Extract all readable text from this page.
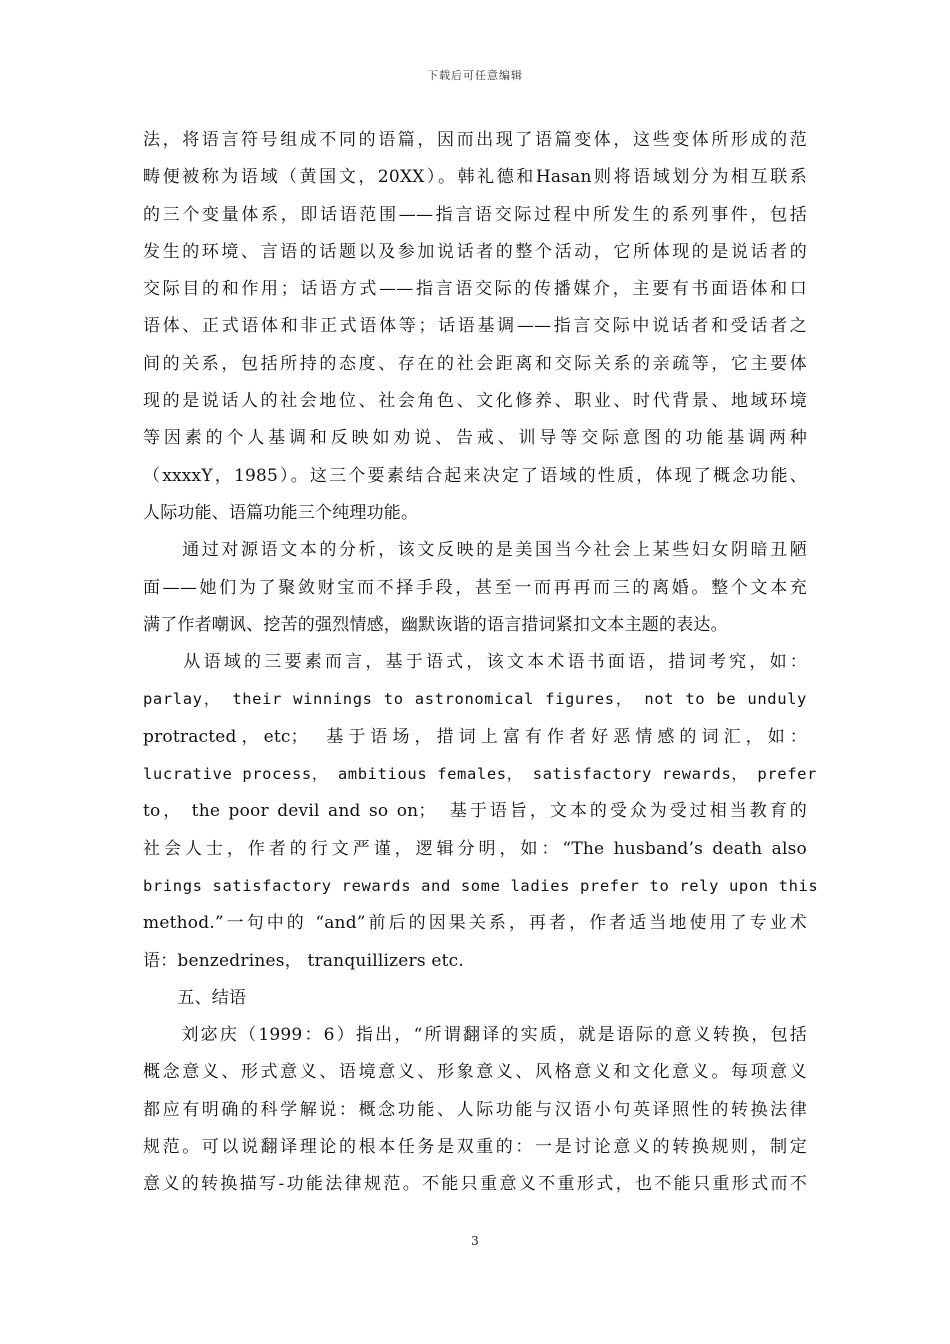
下载后可任意编辑
法，将语言符号组成不同的语篇，因而出现了语篇变体，这些变体所形成的范
畴便被称为语域（黄国文，20XX）。韩礼德和Hasan则将语域划分为相互联系
的三个变量体系，即话语范围——指言语交际过程中所发生的系列事件，包括
发生的环境、言语的话题以及参加说话者的整个活动，它所体现的是说话者的
交际目的和作用；话语方式——指言语交际的传播媒介，主要有书面语体和口
语体、正式语体和非正式语体等；话语基调——指言交际中说话者和受话者之
间的关系，包括所持的态度、存在的社会距离和交际关系的亲疏等，它主要体
现的是说话人的社会地位、社会角色、文化修养、职业、时代背景、地域环境
等因素的个人基调和反映如劝说、告戒、训导等交际意图的功能基调两种
（xxxxY，1985）。这三个要素结合起来决定了语域的性质，体现了概念功能、
人际功能、语篇功能三个纯理功能。
　　通过对源语文本的分析，该文反映的是美国当今社会上某些妇女阴暗丑陋
面——她们为了聚敛财宝而不择手段，甚至一而再再而三的离婚。整个文本充
满了作者嘲讽、挖苦的强烈情感，幽默诙谐的语言措词紧扣文本主题的表达。
　　从语域的三要素而言，基于语式，该文本术语书面语，措词考究，如：
parlay， their winnings to astronomical figures， not to be unduly
protracted，etc；　基于语场，措词上富有作者好恶情感的词汇，如：
lucrative process， ambitious females， satisfactory rewards， prefer
to， the poor devil and so on；　基于语旨，文本的受众为受过相当教育的
社会人士，作者的行文严谨，逻辑分明，如：“The husband’s death also
brings satisfactory rewards and some ladies prefer to rely upon this
method.”一句中的 “and”前后的因果关系，再者，作者适当地使用了专业术
语：benzedrines， tranquillizers etc.
　　五、结语
　　刘宓庆（1999：6）指出，“所谓翻译的实质，就是语际的意义转换，包括
概念意义、形式意义、语境意义、形象意义、风格意义和文化意义。每项意义
都应有明确的科学解说：概念功能、人际功能与汉语小句英译照性的转换法律
规范。可以说翻译理论的根本任务是双重的：一是讨论意义的转换规则，制定
意义的转换描写-功能法律规范。不能只重意义不重形式，也不能只重形式而不
3
